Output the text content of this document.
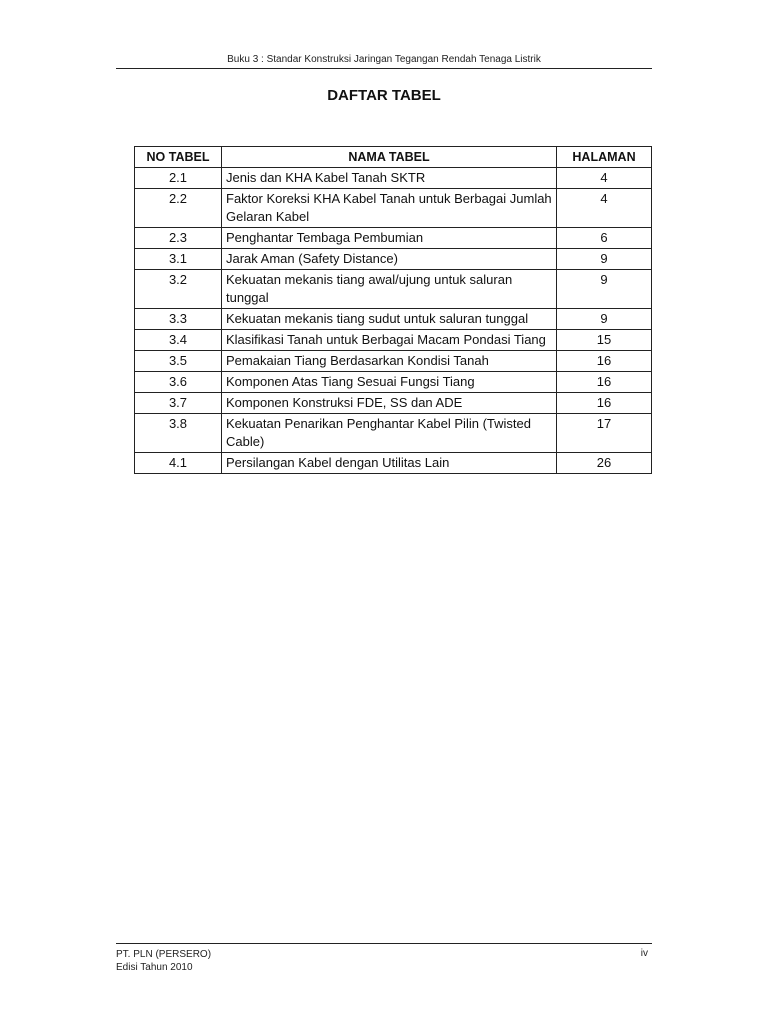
Buku 3 : Standar Konstruksi Jaringan Tegangan Rendah Tenaga Listrik
DAFTAR TABEL
NO TABEL	NAMA TABEL	HALAMAN
2.1	Jenis dan KHA Kabel Tanah SKTR	4
2.2	Faktor Koreksi KHA Kabel Tanah untuk Berbagai Jumlah Gelaran Kabel	4
2.3	Penghantar Tembaga Pembumian	6
3.1	Jarak Aman (Safety Distance)	9
3.2	Kekuatan mekanis tiang awal/ujung untuk saluran tunggal	9
3.3	Kekuatan mekanis tiang sudut untuk saluran tunggal	9
3.4	Klasifikasi Tanah untuk Berbagai Macam Pondasi Tiang	15
3.5	Pemakaian Tiang Berdasarkan Kondisi Tanah	16
3.6	Komponen Atas Tiang Sesuai Fungsi Tiang	16
3.7	Komponen Konstruksi FDE, SS dan ADE	16
3.8	Kekuatan Penarikan Penghantar Kabel Pilin (Twisted Cable)	17
4.1	Persilangan Kabel dengan Utilitas Lain	26
PT. PLN (PERSERO)
Edisi Tahun 2010
iv
